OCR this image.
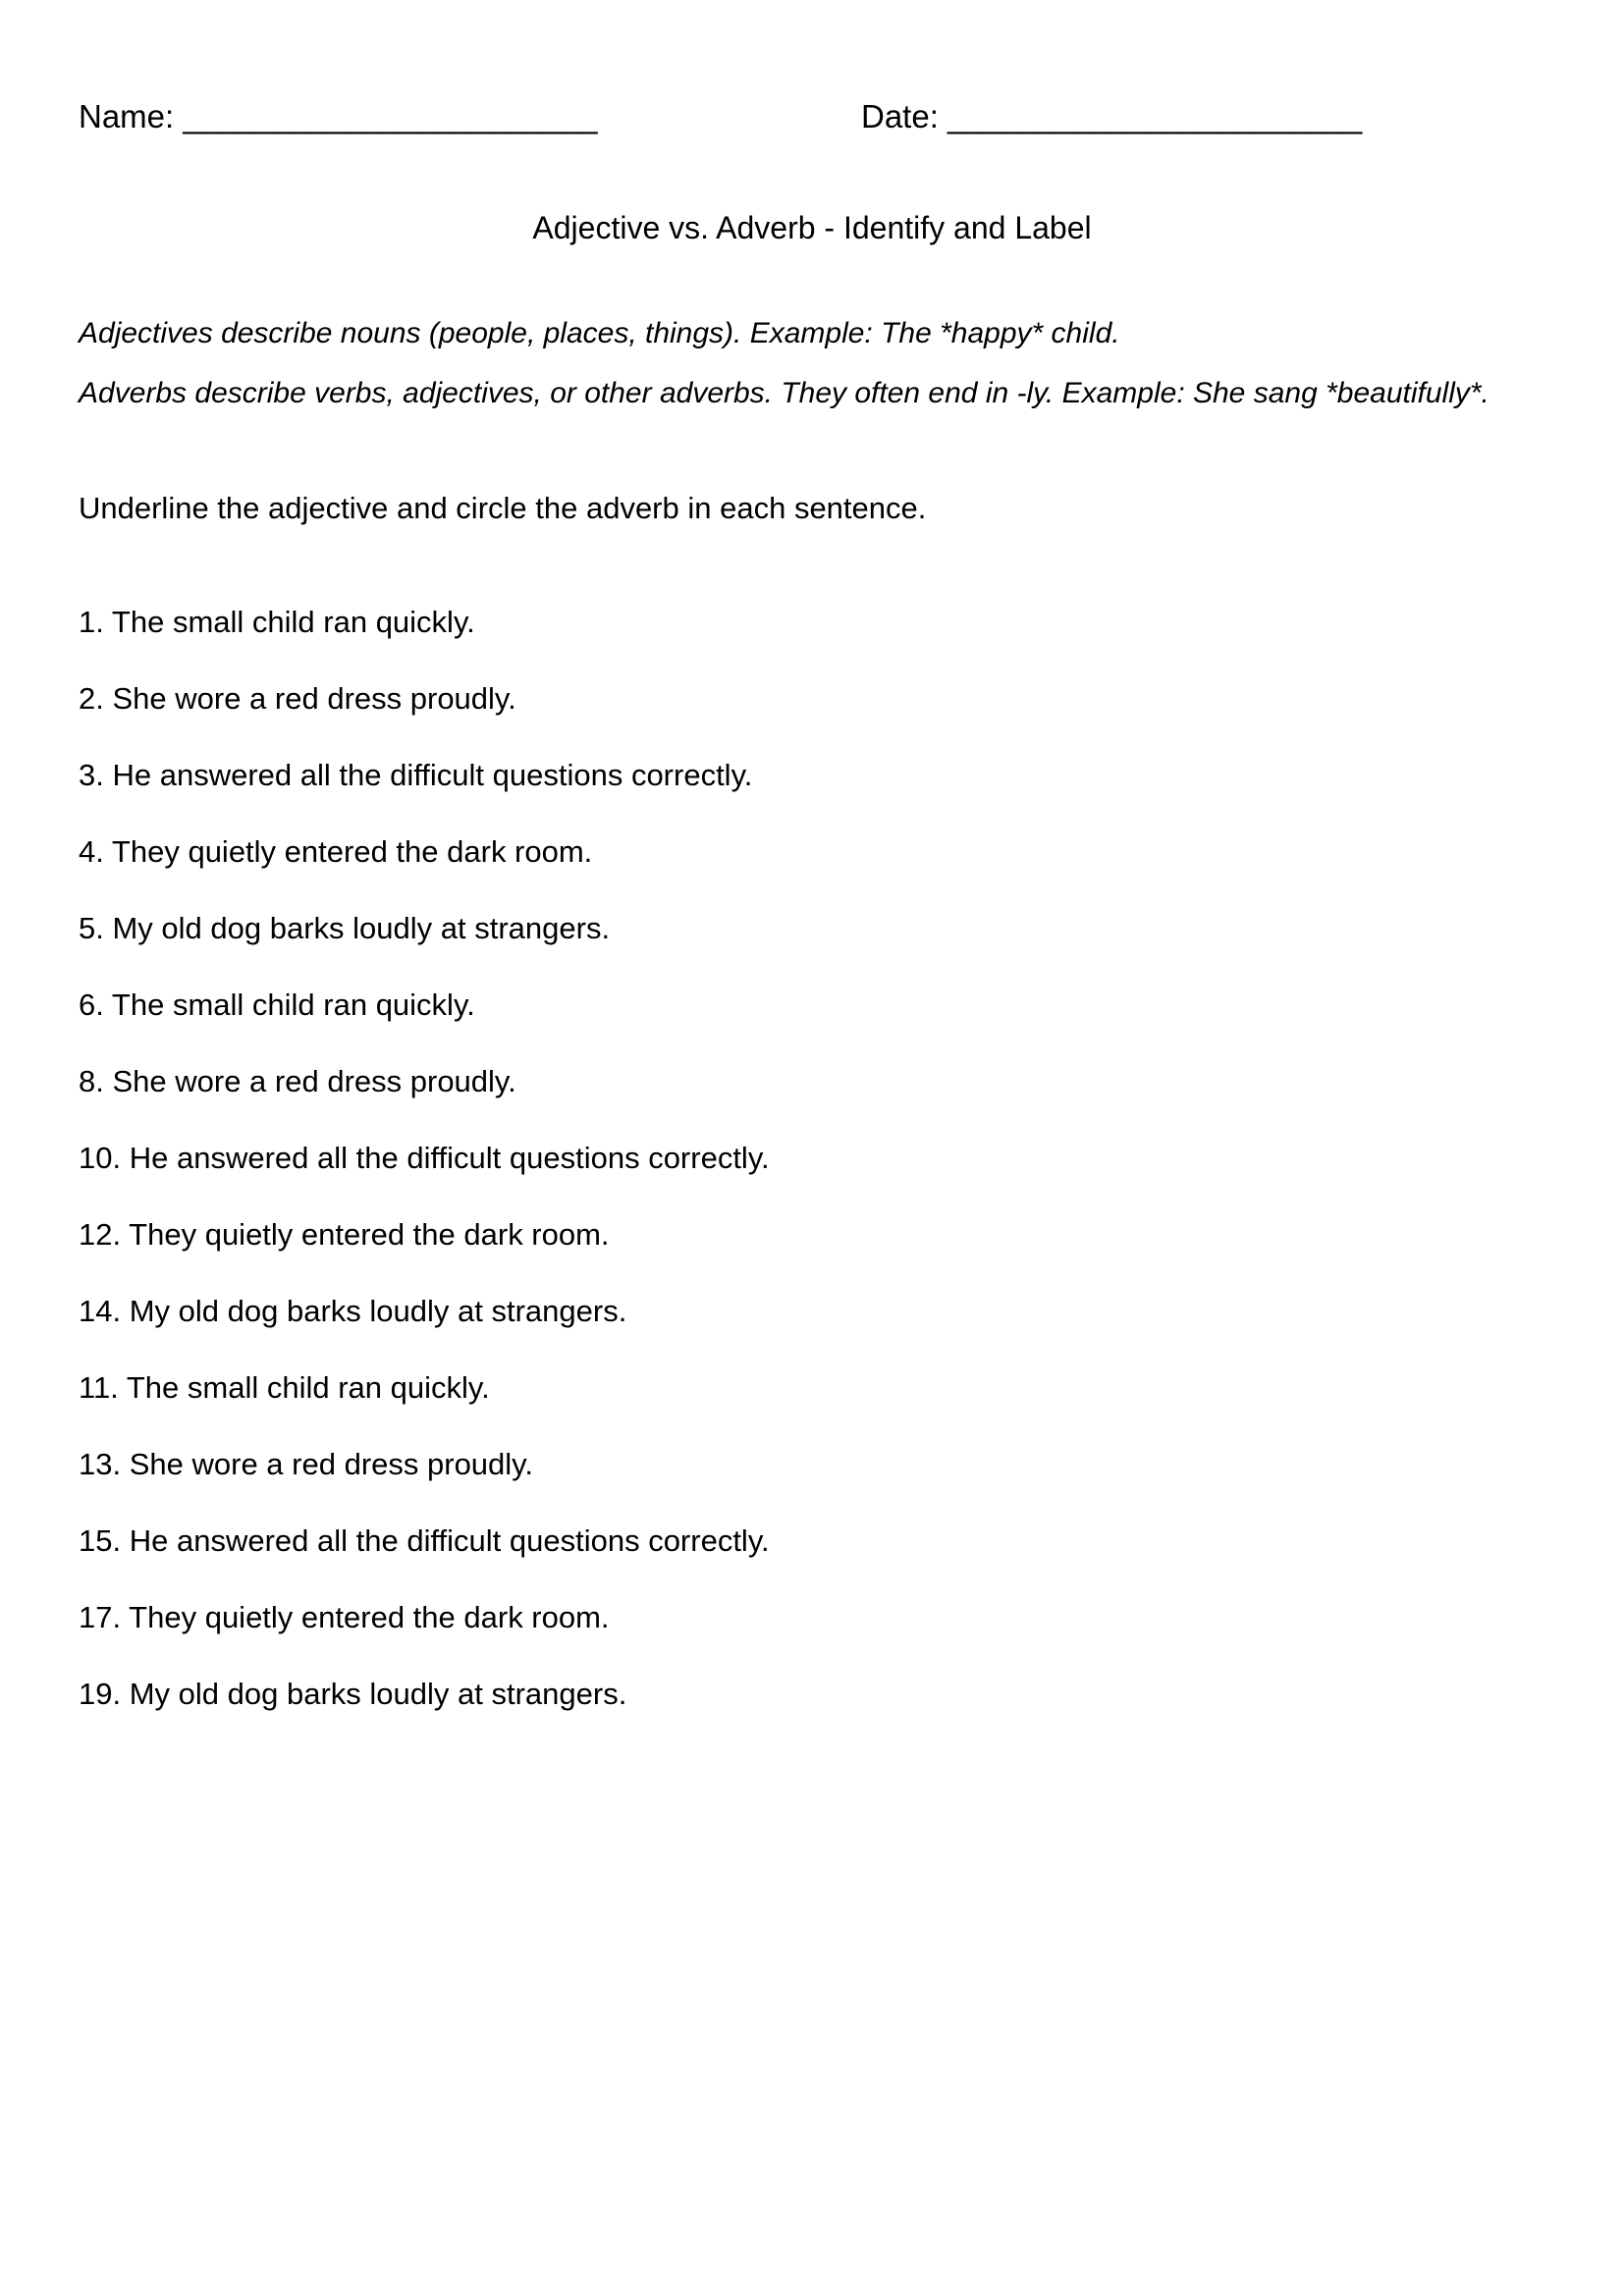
Name: _______________________	Date: _______________________
Adjective vs. Adverb - Identify and Label
Adjectives describe nouns (people, places, things). Example: The *happy* child.
Adverbs describe verbs, adjectives, or other adverbs. They often end in -ly. Example: She sang *beautifully*.
Underline the adjective and circle the adverb in each sentence.
1. The small child ran quickly.
2. She wore a red dress proudly.
3. He answered all the difficult questions correctly.
4. They quietly entered the dark room.
5. My old dog barks loudly at strangers.
6. The small child ran quickly.
8. She wore a red dress proudly.
10. He answered all the difficult questions correctly.
12. They quietly entered the dark room.
14. My old dog barks loudly at strangers.
11. The small child ran quickly.
13. She wore a red dress proudly.
15. He answered all the difficult questions correctly.
17. They quietly entered the dark room.
19. My old dog barks loudly at strangers.
